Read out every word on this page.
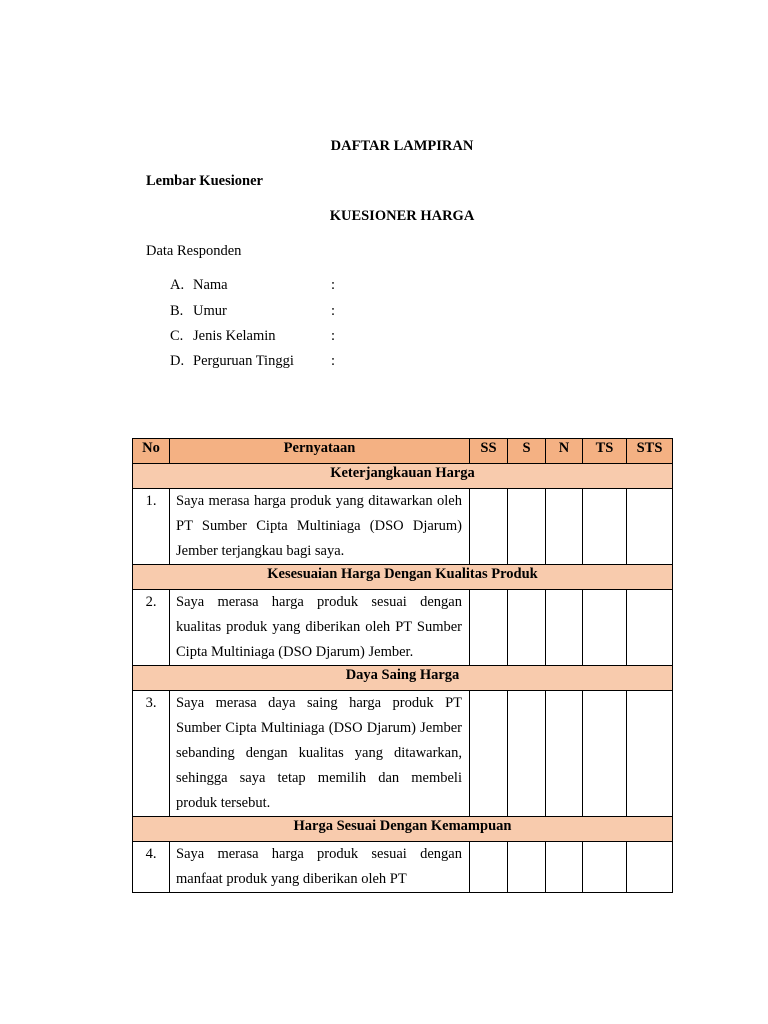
DAFTAR LAMPIRAN
Lembar Kuesioner
KUESIONER HARGA
Data Responden
A. Nama	:
B. Umur	:
C. Jenis Kelamin	:
D. Perguruan Tinggi	:
No	Pernyataan	SS	S	N	TS	STS
Keterjangkauan Harga						
1.	Saya merasa harga produk yang ditawarkan oleh PT Sumber Cipta Multiniaga (DSO Djarum) Jember terjangkau bagi saya.					
Kesesuaian Harga Dengan Kualitas Produk						
2.	Saya merasa harga produk sesuai dengan kualitas produk yang diberikan oleh PT Sumber Cipta Multiniaga (DSO Djarum) Jember.					
Daya Saing Harga						
3.	Saya merasa daya saing harga produk PT Sumber Cipta Multiniaga (DSO Djarum) Jember sebanding dengan kualitas yang ditawarkan, sehingga saya tetap memilih dan membeli produk tersebut.					
Harga Sesuai Dengan Kemampuan						
4.	Saya merasa harga produk sesuai dengan manfaat produk yang diberikan oleh PT					
